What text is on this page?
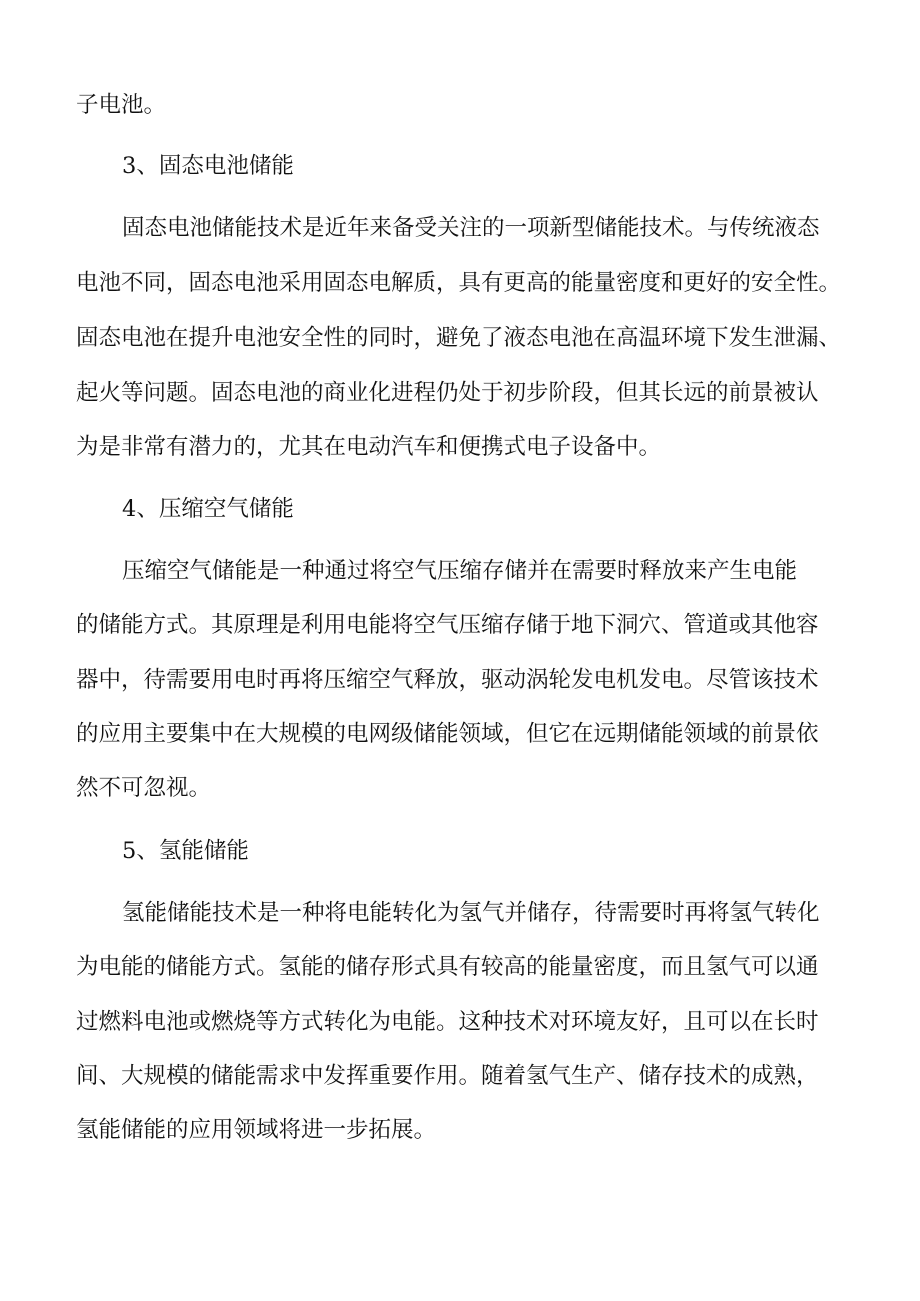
子电池。

3、固态电池储能

固态电池储能技术是近年来备受关注的一项新型储能技术。与传统液态

电池不同，固态电池采用固态电解质，具有更高的能量密度和更好的安全性。

固态电池在提升电池安全性的同时，避免了液态电池在高温环境下发生泄漏、

起火等问题。固态电池的商业化进程仍处于初步阶段，但其长远的前景被认

为是非常有潜力的，尤其在电动汽车和便携式电子设备中。

4、压缩空气储能

压缩空气储能是一种通过将空气压缩存储并在需要时释放来产生电能

的储能方式。其原理是利用电能将空气压缩存储于地下洞穴、管道或其他容

器中，待需要用电时再将压缩空气释放，驱动涡轮发电机发电。尽管该技术

的应用主要集中在大规模的电网级储能领域，但它在远期储能领域的前景依

然不可忽视。

5、氢能储能

氢能储能技术是一种将电能转化为氢气并储存，待需要时再将氢气转化

为电能的储能方式。氢能的储存形式具有较高的能量密度，而且氢气可以通

过燃料电池或燃烧等方式转化为电能。这种技术对环境友好，且可以在长时

间、大规模的储能需求中发挥重要作用。随着氢气生产、储存技术的成熟，

氢能储能的应用领域将进一步拓展。
